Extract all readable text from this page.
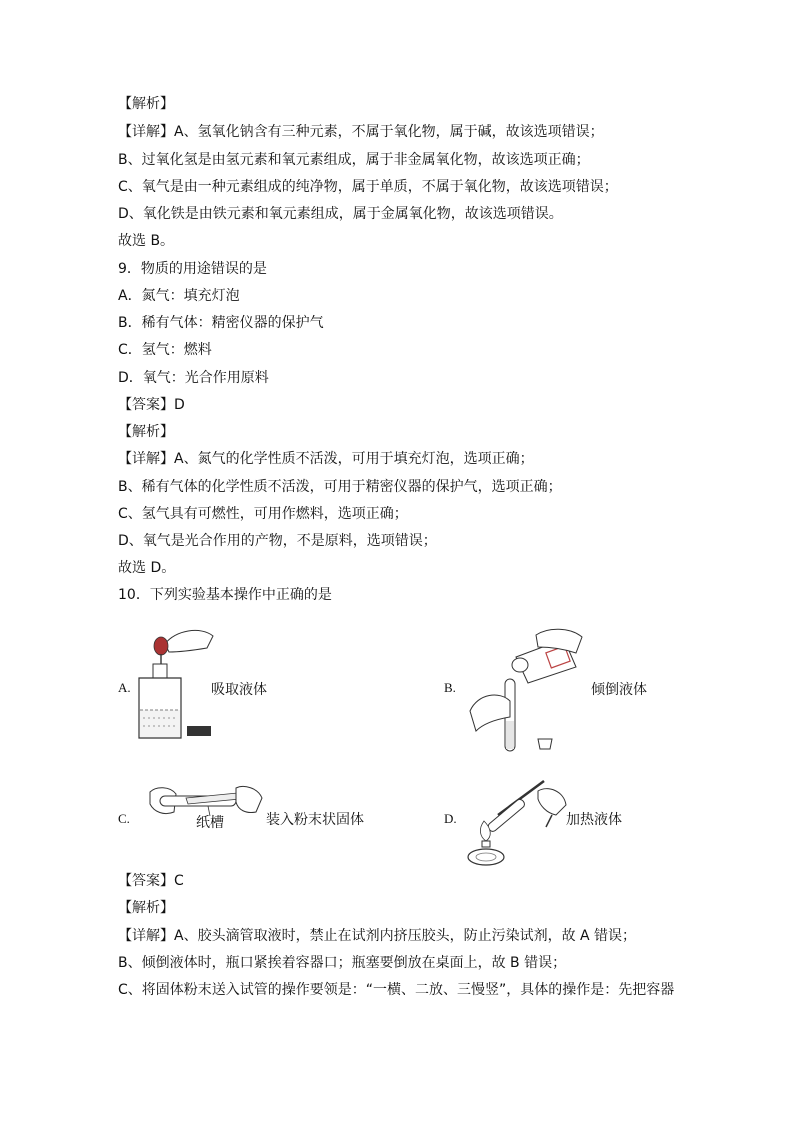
【解析】
【详解】A、氢氧化钠含有三种元素，不属于氧化物，属于碱，故该选项错误；
B、过氧化氢是由氢元素和氧元素组成，属于非金属氧化物，故该选项正确；
C、氧气是由一种元素组成的纯净物，属于单质，不属于氧化物，故该选项错误；
D、氧化铁是由铁元素和氧元素组成，属于金属氧化物，故该选项错误。
故选 B。
9．物质的用途错误的是
A．氮气：填充灯泡
B．稀有气体：精密仪器的保护气
C．氢气：燃料
D．氧气：光合作用原料
【答案】D
【解析】
【详解】A、氮气的化学性质不活泼，可用于填充灯泡，选项正确；
B、稀有气体的化学性质不活泼，可用于精密仪器的保护气，选项正确；
C、氢气具有可燃性，可用作燃料，选项正确；
D、氧气是光合作用的产物，不是原料，选项错误；
故选 D。
10．下列实验基本操作中正确的是
A.	吸取液体	B.	倾倒液体
C.	纸槽	装入粉末状固体	D.	加热液体
【答案】C
【解析】
【详解】A、胶头滴管取液时，禁止在试剂内挤压胶头，防止污染试剂，故 A 错误；
B、倾倒液体时，瓶口紧挨着容器口；瓶塞要倒放在桌面上，故 B 错误；
C、将固体粉末送入试管的操作要领是：“一横、二放、三慢竖”，具体的操作是：先把容器
